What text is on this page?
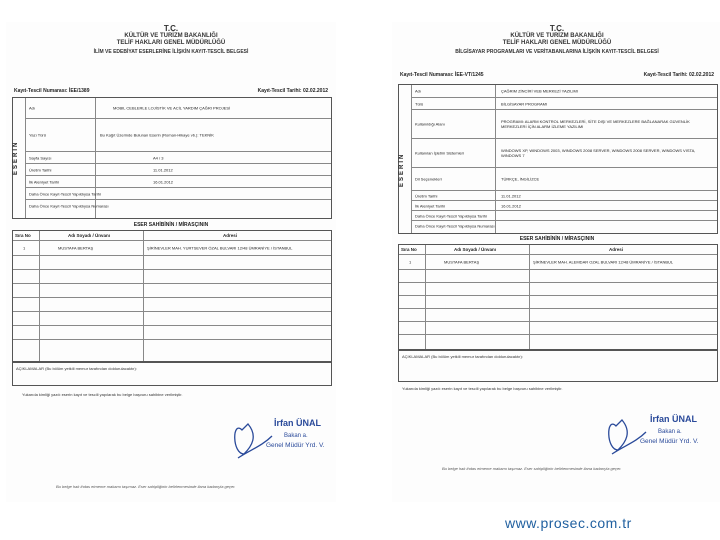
T.C.
KÜLTÜR VE TURİZM BAKANLIĞI
TELİF HAKLARI GENEL MÜDÜRLÜĞÜ
İLİM VE EDEBİYAT ESERLERİNE İLİŞKİN KAYIT-TESCİL BELGESİ
Kayıt-Tescil Numarası: İEE/1389	Kayıt-Tescil Tarihi: 02.02.2012
ESERİN
Adı	MOBIL CEBLERLE LOJİSTİK VE ACİL YARDIM ÇAĞRI PROJESİ
Yazı Türü	Bu Kağıt Üzerinde Bulunan Eserin (Roman-Hikaye vb.): TEKNİK
Sayfa Sayısı	A4 / 3
Üretim Tarihi	11.01.2012
İlk Alenîyet Tarihi	16.01.2012
Daha Önce Kayıt-Tescil Yapıldıysa Tarihi
Daha Önce Kayıt-Tescil Yapıldıysa Numarası
ESER SAHİBİNİN / MİRASÇININ
Sıra No	Adı Soyadı / Ünvanı	Adresi
1	MUSTAFA BERTAŞ	ŞİRİNEVLER MAH. YURTSEVER ÖZAL BULVARI 12/48 ÜMRANİYE / İSTANBUL
AÇIKLAMALAR (Bu bölüm yetkili memur tarafından doldurulacaktır):
Yukarıda kimliği yazılı eserin kayıt ve tescili yapılarak bu belge başvuru sahibine verilmiştir.
İrfan ÜNAL
Bakan a.
Genel Müdür Yrd. V.
Bu belge hak ihdas etmeme makamı taşımaz. Eser sahipliğinin belirlenmesinde ilana kadarıyla geçer.
T.C.
KÜLTÜR VE TURİZM BAKANLIĞI
TELİF HAKLARI GENEL MÜDÜRLÜĞÜ
BİLGİSAYAR PROGRAMLARI VE VERİTABANLARINA İLİŞKİN KAYIT-TESCİL BELGESİ
Kayıt-Tescil Numarası: İEE-VT/1245	Kayıt-Tescil Tarihi: 02.02.2012
ESERİN
Adı	ÇAĞRIM ZİNCİRİ VEB MERKEZİ YAZILIMI
Türü	BİLGİSAYAR PROGRAMI
Kullanıldığı Alanı	PROGRAMI: ALARM KONTROL MERKEZLERİ, SİTE DIŞI VE MERKEZLERE BAĞLANARAK GÜVENLİK MERKEZLERİ İÇİN ALARM İZLEME YAZILIMI
Kullanılan İşletim Sistemleri	WINDOWS XP, WINDOWS 2003, WINDOWS 2008 SERVER, WINDOWS 2008 SERVER, WINDOWS VISTA, WINDOWS 7
Dil Seçenekleri	TÜRKÇE, İNGİLİZCE
Üretim Tarihi	11.01.2012
İlk Alenîyet Tarihi	16.01.2012
Daha Önce Kayıt-Tescil Yapıldıysa Tarihi
Daha Önce Kayıt-Tescil Yapıldıysa Numarası
ESER SAHİBİNİN / MİRASÇININ
Sıra No	Adı Soyadı / Ünvanı	Adresi
1	MUSTAFA BERTAŞ	ŞİRİNEVLER MAH. ALEMDAR OZAL BULVARI 12/48 ÜMRANİYE / İSTANBUL
AÇIKLAMALAR (Bu bölüm yetkili memur tarafından doldurulacaktır):
Yukarıda kimliği yazılı eserin kayıt ve tescili yapılarak bu belge başvuru sahibine verilmiştir.
İrfan ÜNAL
Bakan a.
Genel Müdür Yrd. V.
Bu belge hak ihdas etmeme makamı taşımaz. Eser sahipliğinin belirlenmesinde ilana kadarıyla geçer.
www.prosec.com.tr
